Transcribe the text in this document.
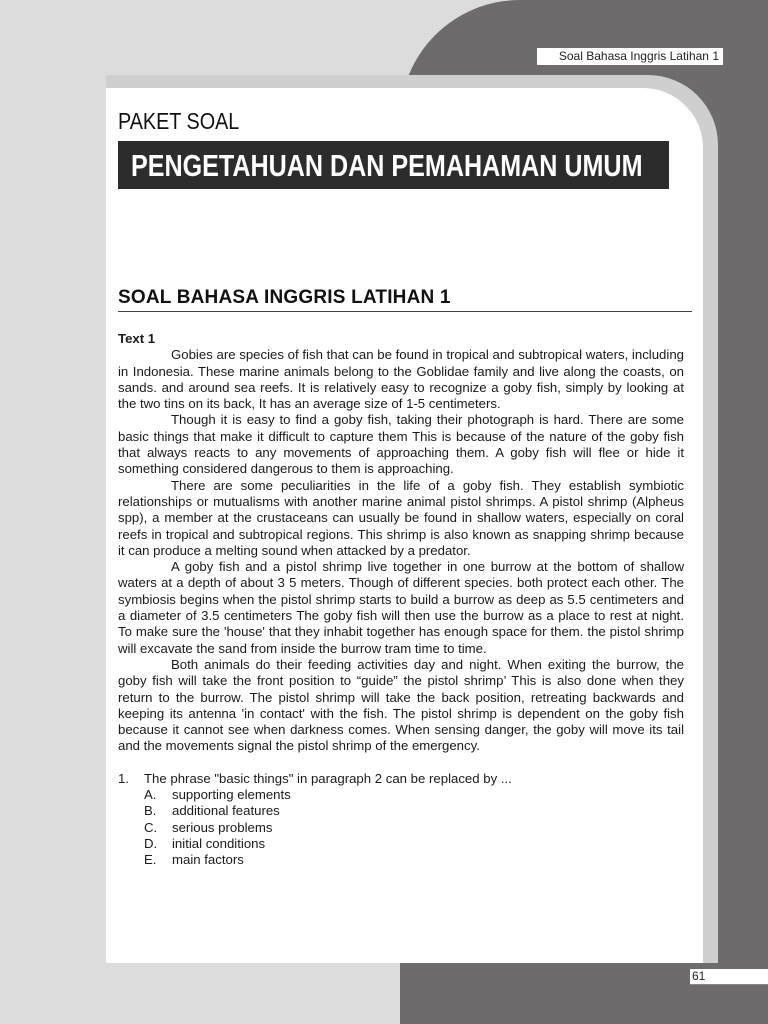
Soal Bahasa Inggris Latihan 1
PAKET SOAL
PENGETAHUAN DAN PEMAHAMAN UMUM
SOAL BAHASA INGGRIS LATIHAN 1
Text 1

Gobies are species of fish that can be found in tropical and subtropical waters, including in Indonesia. These marine animals belong to the Goblidae family and live along the coasts, on sands. and around sea reefs. It is relatively easy to recognize a goby fish, simply by looking at the two tins on its back, It has an average size of 1-5 centimeters.

Though it is easy to find a goby fish, taking their photograph is hard. There are some basic things that make it difficult to capture them This is because of the nature of the goby fish that always reacts to any movements of approaching them. A goby fish will flee or hide it something considered dangerous to them is approaching.

There are some peculiarities in the life of a goby fish. They establish symbiotic relationships or mutualisms with another marine animal pistol shrimps. A pistol shrimp (Alpheus spp), a member at the crustaceans can usually be found in shallow waters, especially on coral reefs in tropical and subtropical regions. This shrimp is also known as snapping shrimp because it can produce a melting sound when attacked by a predator.

A goby fish and a pistol shrimp live together in one burrow at the bottom of shallow waters at a depth of about 3 5 meters. Though of different species. both protect each other. The symbiosis begins when the pistol shrimp starts to build a burrow as deep as 5.5 centimeters and a diameter of 3.5 centimeters The goby fish will then use the burrow as a place to rest at night. To make sure the 'house' that they inhabit together has enough space for them. the pistol shrimp will excavate the sand from inside the burrow tram time to time.

Both animals do their feeding activities day and night. When exiting the burrow, the goby fish will take the front position to “guide” the pistol shrimp’ This is also done when they return to the burrow. The pistol shrimp will take the back position, retreating backwards and keeping its antenna 'in contact' with the fish. The pistol shrimp is dependent on the goby fish because it cannot see when darkness comes. When sensing danger, the goby will move its tail and the movements signal the pistol shrimp of the emergency.

1.	The phrase "basic things" in paragraph 2 can be replaced by ...
A.	supporting elements
B.	additional features
C.	serious problems
D.	initial conditions
E.	main factors
61
